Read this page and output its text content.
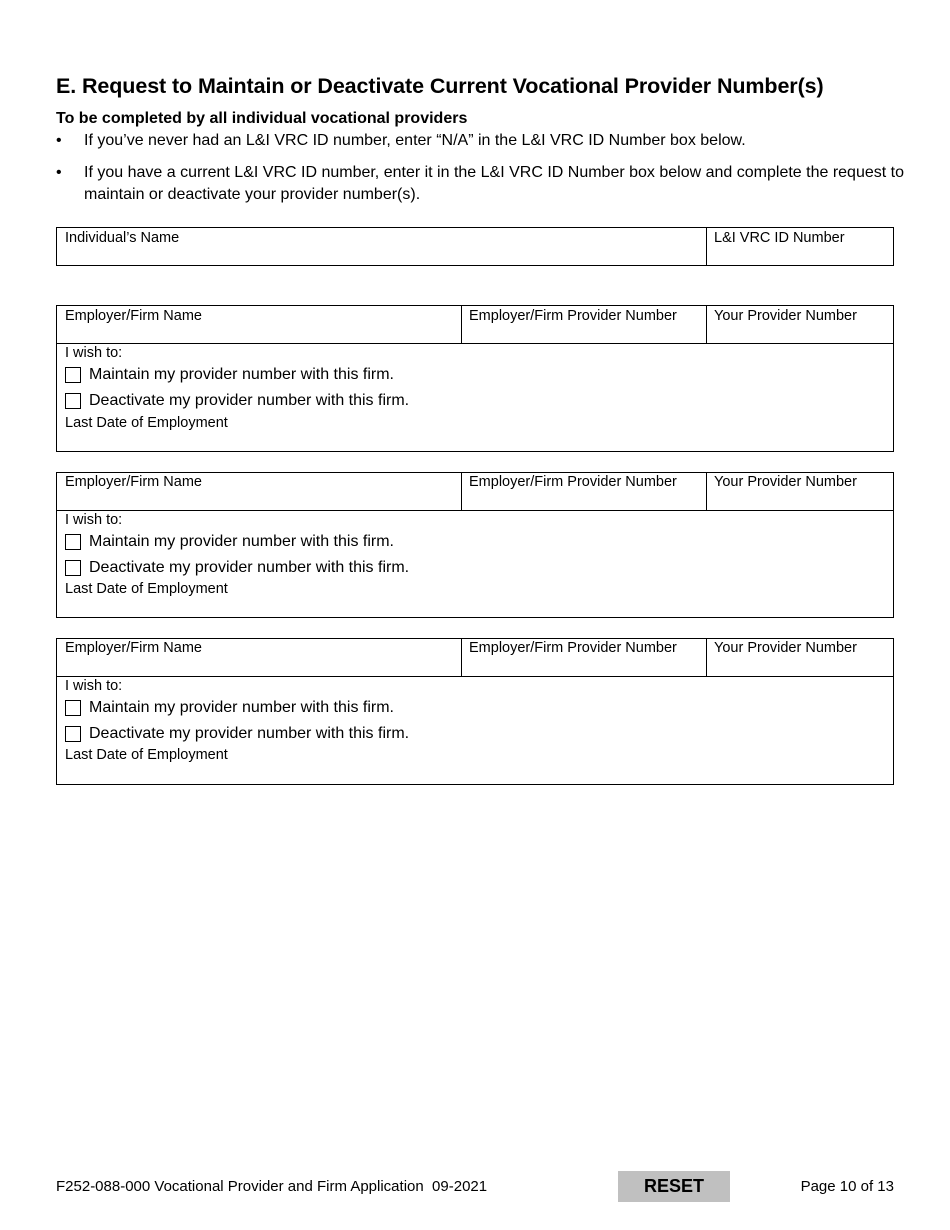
E. Request to Maintain or Deactivate Current Vocational Provider Number(s)
To be completed by all individual vocational providers
• If you’ve never had an L&I VRC ID number, enter “N/A” in the L&I VRC ID Number box below.
• If you have a current L&I VRC ID number, enter it in the L&I VRC ID Number box below and complete the request to maintain or deactivate your provider number(s).
Individual’s Name	L&I VRC ID Number
Employer/Firm Name	Employer/Firm Provider Number	Your Provider Number
I wish to:
Maintain my provider number with this firm.
Deactivate my provider number with this firm.
Last Date of Employment
Employer/Firm Name	Employer/Firm Provider Number	Your Provider Number
I wish to:
Maintain my provider number with this firm.
Deactivate my provider number with this firm.
Last Date of Employment
Employer/Firm Name	Employer/Firm Provider Number	Your Provider Number
I wish to:
Maintain my provider number with this firm.
Deactivate my provider number with this firm.
Last Date of Employment
F252-088-000 Vocational Provider and Firm Application  09-2021	RESET	Page 10 of 13
